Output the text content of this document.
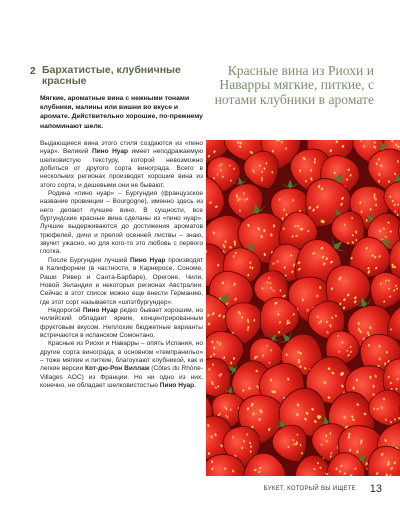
2 Бархатистые, клубничные красные
Мягкие, ароматные вина с нежными тонами клубники, малины или вишни во вкусе и аромате. Действительно хорошие, по-прежнему напоминают шелк.

Выдающиеся вина этого стиля создаются из «пино нуар». Великий Пино Нуар имеет неподражаемую шелковистую текстуру, которой невозможно добиться от другого сорта винограда. Всего в нескольких регионах производят хорошие вина из этого сорта, и дешевыми они не бывают.

Родина «пино нуар» – Бургундия (французское название провинции – Bourgogne), именно здесь из него делают лучшее вино. В сущности, все бургундские красные вина сделаны из «пино нуар». Лучшие выдерживаются до достижения ароматов трюфелей, дичи и прелой осенней листвы – знаю, звучит ужасно, но для кого-то это любовь с первого глотка.

После Бургундии лучший Пино Нуар производят в Калифорнии (в частности, в Карнеросе, Сономе, Раши Ривер и Санта-Барбаре), Орегоне, Чили, Новой Зеландии и некоторых регионах Австралии. Сейчас в этот список можно еще внести Германию, где этот сорт называется «шпэтбургундер».

Недорогой Пино Нуар редко бывает хорошим, но чилийский обладает ярким, концентрированным фруктовым вкусом. Неплохие бюджетные варианты встречаются в испанском Сомонтано.

Красные из Риохи и Наварры – опять Испания, но другие сорта винограда, в основном «темпранильо» – тоже мягкие и питкие, благоухают клубникой, как и легкие версии Кот-дю-Рон Виллаж (Côtes du Rhône-Villages AOC) из Франции. Но ни одно из них, конечно, не обладает шелковистостью Пино Нуар.

Красные вина из Риохи и Наварры мягкие, питкие, с нотами клубники в аромате
БУКЕТ, КОТОРЫЙ ВЫ ИЩЕТЕ 13
